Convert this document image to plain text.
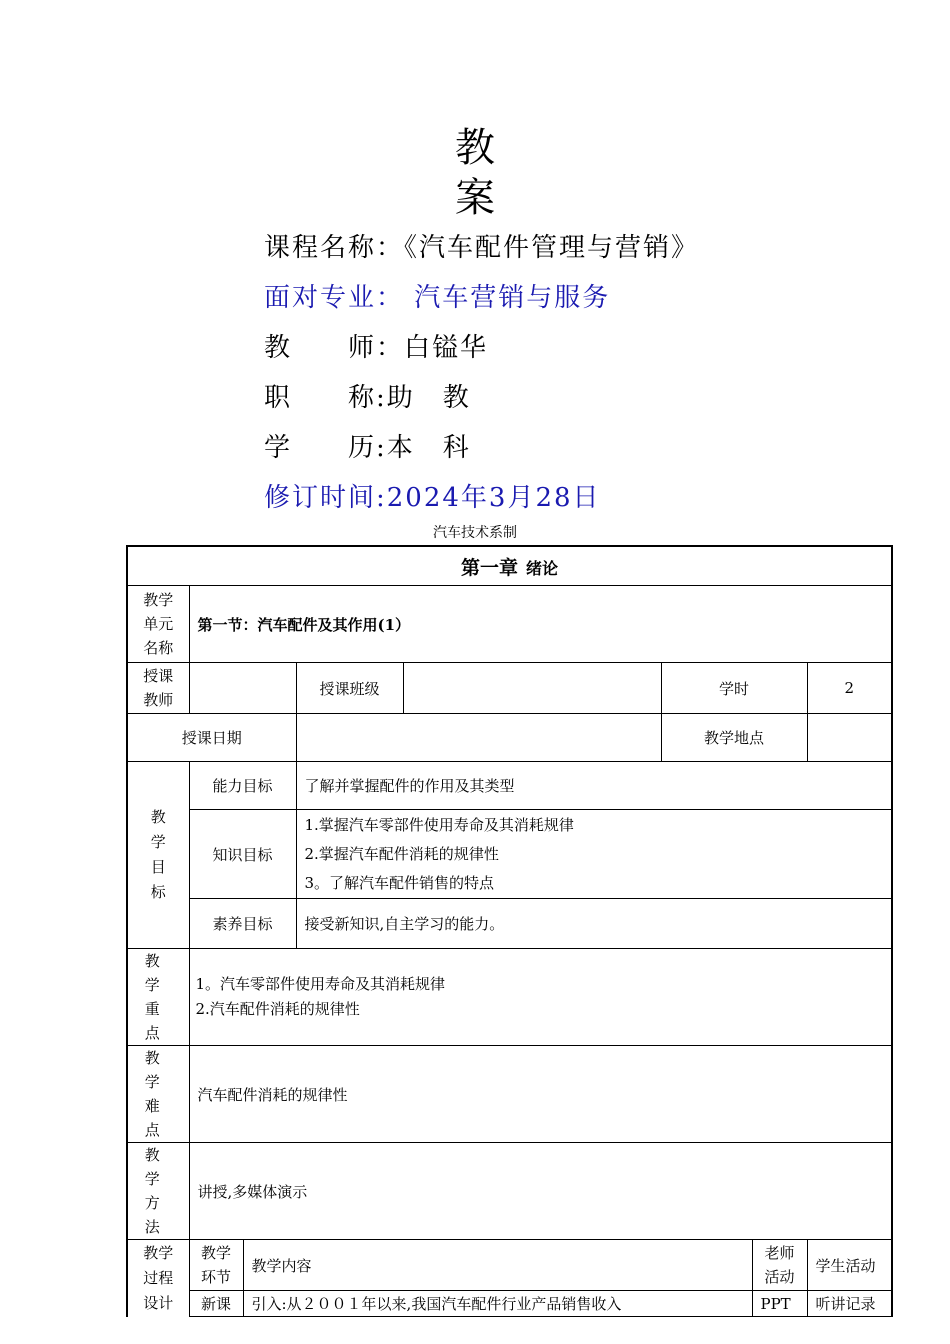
教
案
课程名称：《汽车配件管理与营销》
面对专业： 汽车营销与服务
教　　师：白镒华
职　　称:助　教
学　　历:本　科
修订时间:2024年3月28日
汽车技术系制
第一章 绪论							
教学单元名称	第一节：汽车配件及其作用(1）						
授课教师			授课班级		学时		2
授课日期					教学地点		
教学目标	能力目标		了解并掌握配件的作用及其类型				
	知识目标		1.掌握汽车零部件使用寿命及其消耗规律
2.掌握汽车配件消耗的规律性
3。了解汽车配件销售的特点				

	素养目标		接受新知识,自主学习的能力。				
教学重点	1。汽车零部件使用寿命及其消耗规律
2.汽车配件消耗的规律性						

教学难点	汽车配件消耗的规律性						
教学方法	讲授,多媒体演示						
教学过程设计	教学环节	教学内容				老师活动	学生活动
	新课	引入:从２００１年以来,我国汽车配件行业产品销售收入				PPT	听讲记录
